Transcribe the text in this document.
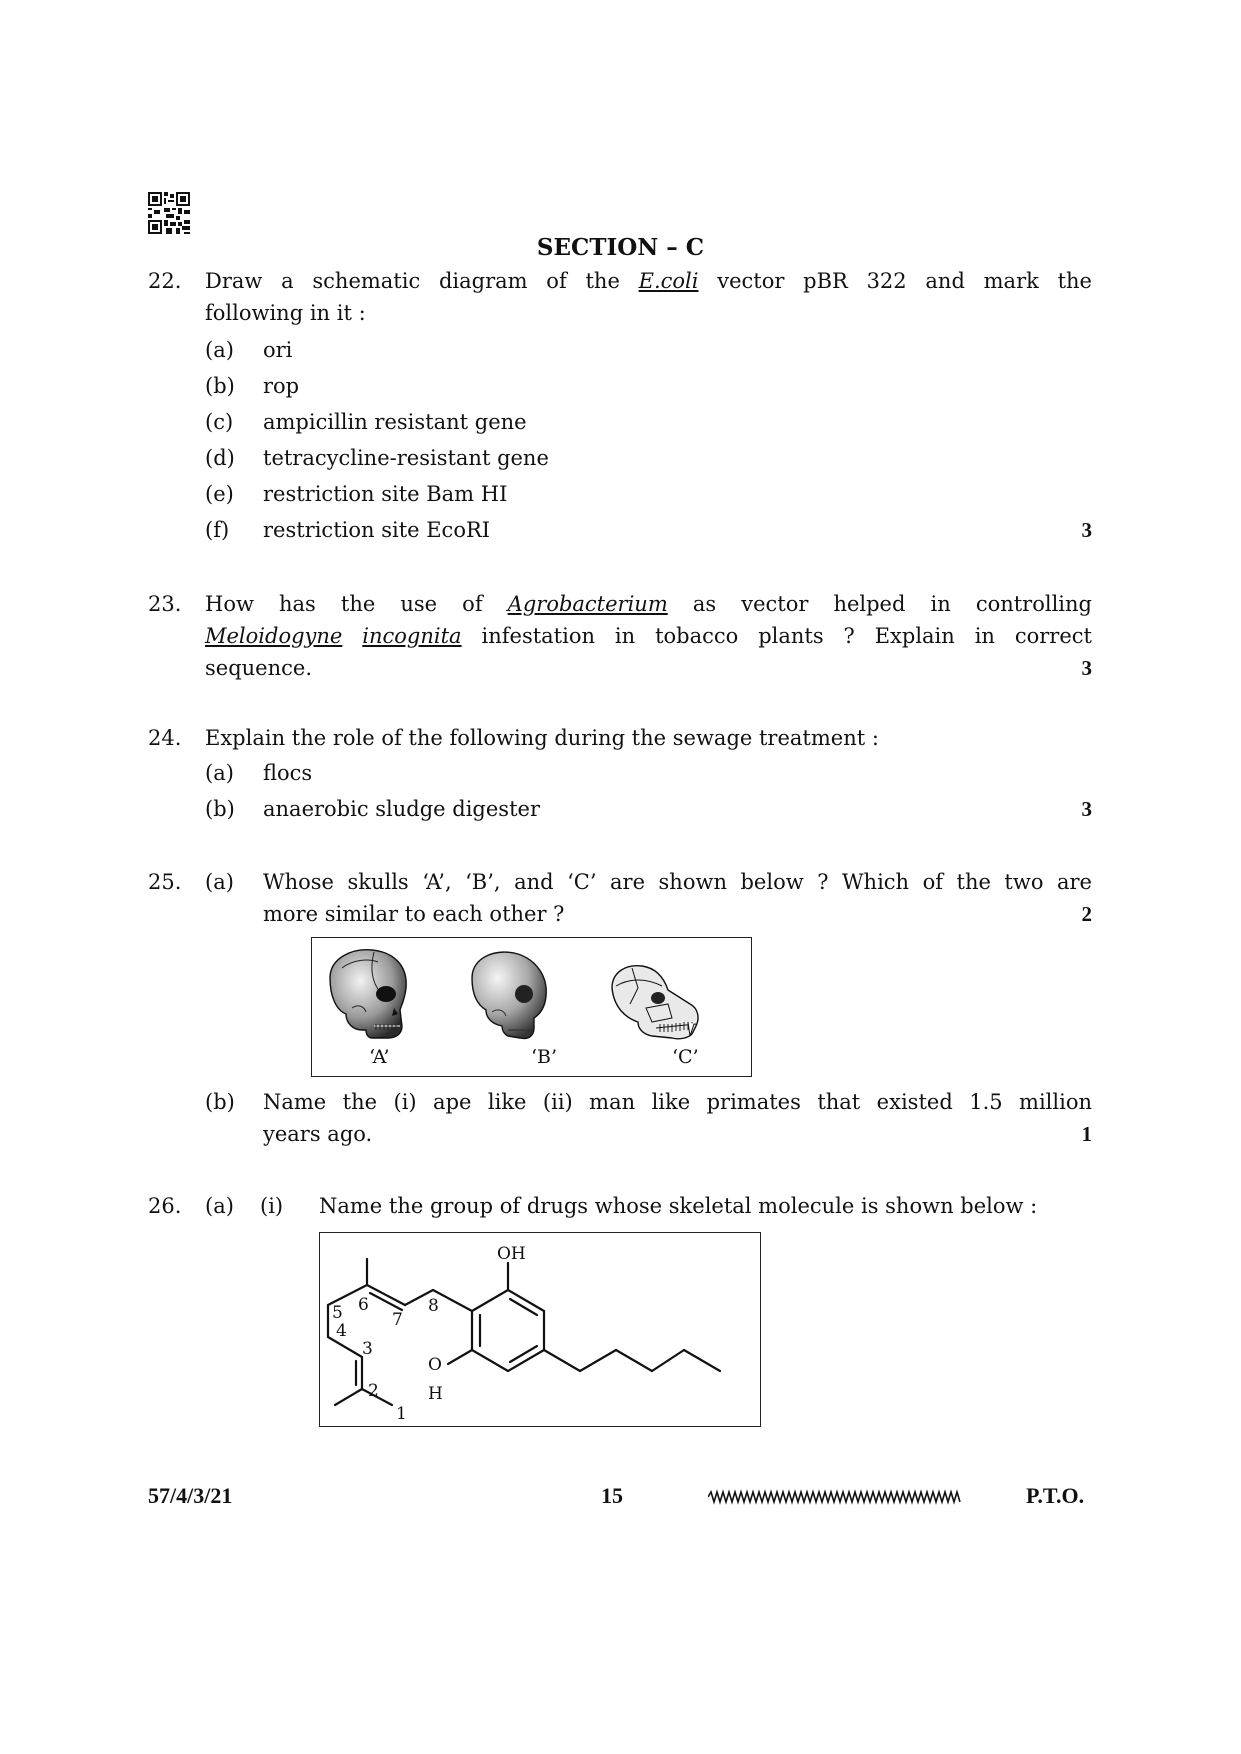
SECTION – C
22. Draw a schematic diagram of the E.coli vector pBR 322 and mark the
following in it :
(a) ori
(b) rop
(c) ampicillin resistant gene
(d) tetracycline-resistant gene
(e) restriction site Bam HI
(f) restriction site EcoRI	3
23. How has the use of Agrobacterium as vector helped in controlling
Meloidogyne incognita infestation in tobacco plants ? Explain in correct
sequence.	3
24. Explain the role of the following during the sewage treatment :
(a) flocs
(b) anaerobic sludge digester	3
25. (a) Whose skulls ‘A’, ‘B’, and ‘C’ are shown below ? Which of the two are
more similar to each other ?	2
‘A’	‘B’	‘C’
(b) Name the (i) ape like (ii) man like primates that existed 1.5 million
years ago.	1
26. (a) (i) Name the group of drugs whose skeletal molecule is shown below :
OH
O
H
1
2
3
4
5 6
7
8
57/4/3/21	15	P.T.O.
